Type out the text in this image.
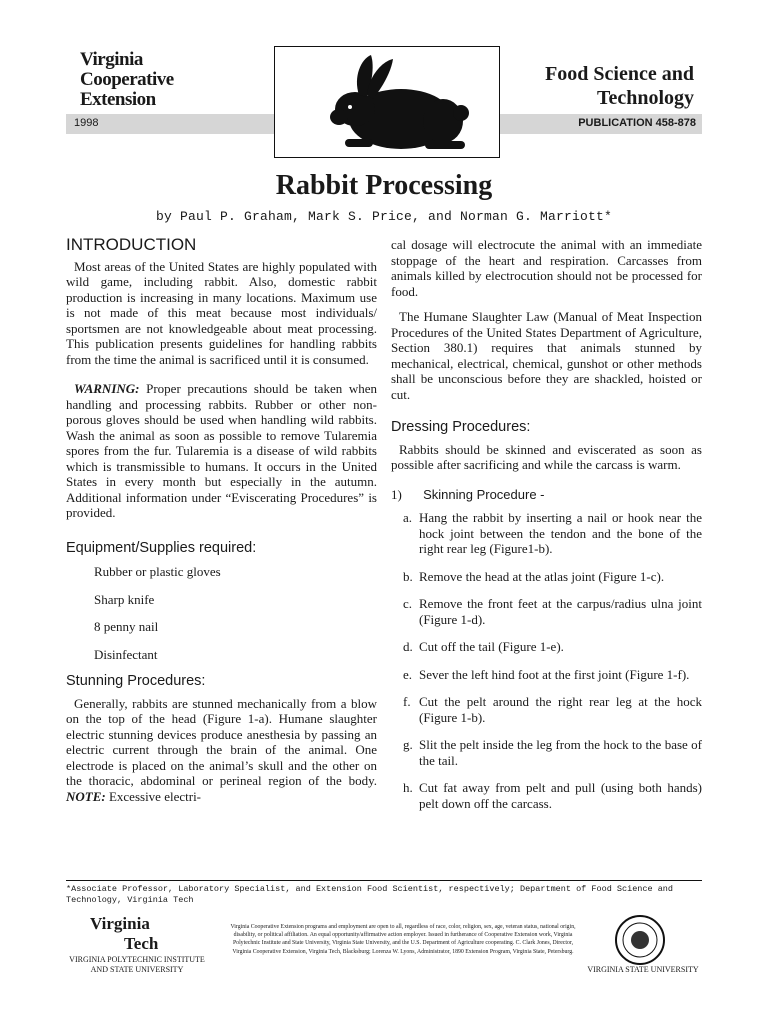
Virginia
Cooperative
Extension
1998	PUBLICATION 458-878
Food Science and
Technology
Rabbit Processing
by Paul P. Graham, Mark S. Price, and Norman G. Marriott*
INTRODUCTION

Most areas of the United States are highly populated with wild game, including rabbit. Also, domestic rabbit production is increasing in many locations. Maximum use is not made of this meat because most individuals/ sportsmen are not knowledgeable about meat processing. This publication presents guidelines for handling rabbits from the time the animal is sacrificed until it is consumed.

WARNING: Proper precautions should be taken when handling and processing rabbits. Rubber or other non-porous gloves should be used when handling wild rabbits. Wash the animal as soon as possible to remove Tularemia spores from the fur. Tularemia is a disease of wild rabbits which is transmissible to humans. It occurs in the United States in every month but especially in the autumn. Additional information under “Eviscerating Procedures” is provided.

Equipment/Supplies required:
Rubber or plastic gloves
Sharp knife
8 penny nail
Disinfectant
Stunning Procedures:

Generally, rabbits are stunned mechanically from a blow on the top of the head (Figure 1-a). Humane slaughter electric stunning devices produce anesthesia by passing an electric current through the brain of the animal. One electrode is placed on the animal’s skull and the other on the thoracic, abdominal or perineal region of the body. NOTE: Excessive electri-

cal dosage will electrocute the animal with an immediate stoppage of the heart and respiration. Carcasses from animals killed by electrocution should not be processed for food.

The Humane Slaughter Law (Manual of Meat Inspection Procedures of the United States Department of Agriculture, Section 380.1) requires that animals stunned by mechanical, electrical, chemical, gunshot or other methods shall be unconscious before they are shackled, hoisted or cut.

Dressing Procedures:

Rabbits should be skinned and eviscerated as soon as possible after sacrificing and while the carcass is warm.

1) Skinning Procedure -
a. Hang the rabbit by inserting a nail or hook near the hock joint between the tendon and the bone of the right rear leg (Figure1-b).
b. Remove the head at the atlas joint (Figure 1-c).
c. Remove the front feet at the carpus/radius ulna joint (Figure 1-d).
d. Cut off the tail (Figure 1-e).
e. Sever the left hind foot at the first joint (Figure 1-f).
f. Cut the pelt around the right rear leg at the hock (Figure 1-b).
g. Slit the pelt inside the leg from the hock to the base of the tail.
h. Cut fat away from pelt and pull (using both hands) pelt down off the carcass.
*Associate Professor, Laboratory Specialist, and Extension Food Scientist, respectively; Department of Food Science and Technology, Virginia Tech
Virginia
Tech
VIRGINIA POLYTECHNIC INSTITUTE
AND STATE UNIVERSITY
Virginia Cooperative Extension programs and employment are open to all, regardless of race, color, religion, sex, age, veteran status, national origin, disability, or political affiliation. An equal opportunity/affirmative action employer. Issued in furtherance of Cooperative Extension work, Virginia Polytechnic Institute and State University, Virginia State University, and the U.S. Department of Agriculture cooperating. C. Clark Jones, Director, Virginia Cooperative Extension, Virginia Tech, Blacksburg; Lorenza W. Lyons, Administrator, 1890 Extension Program, Virginia State, Petersburg.
VIRGINIA STATE UNIVERSITY
